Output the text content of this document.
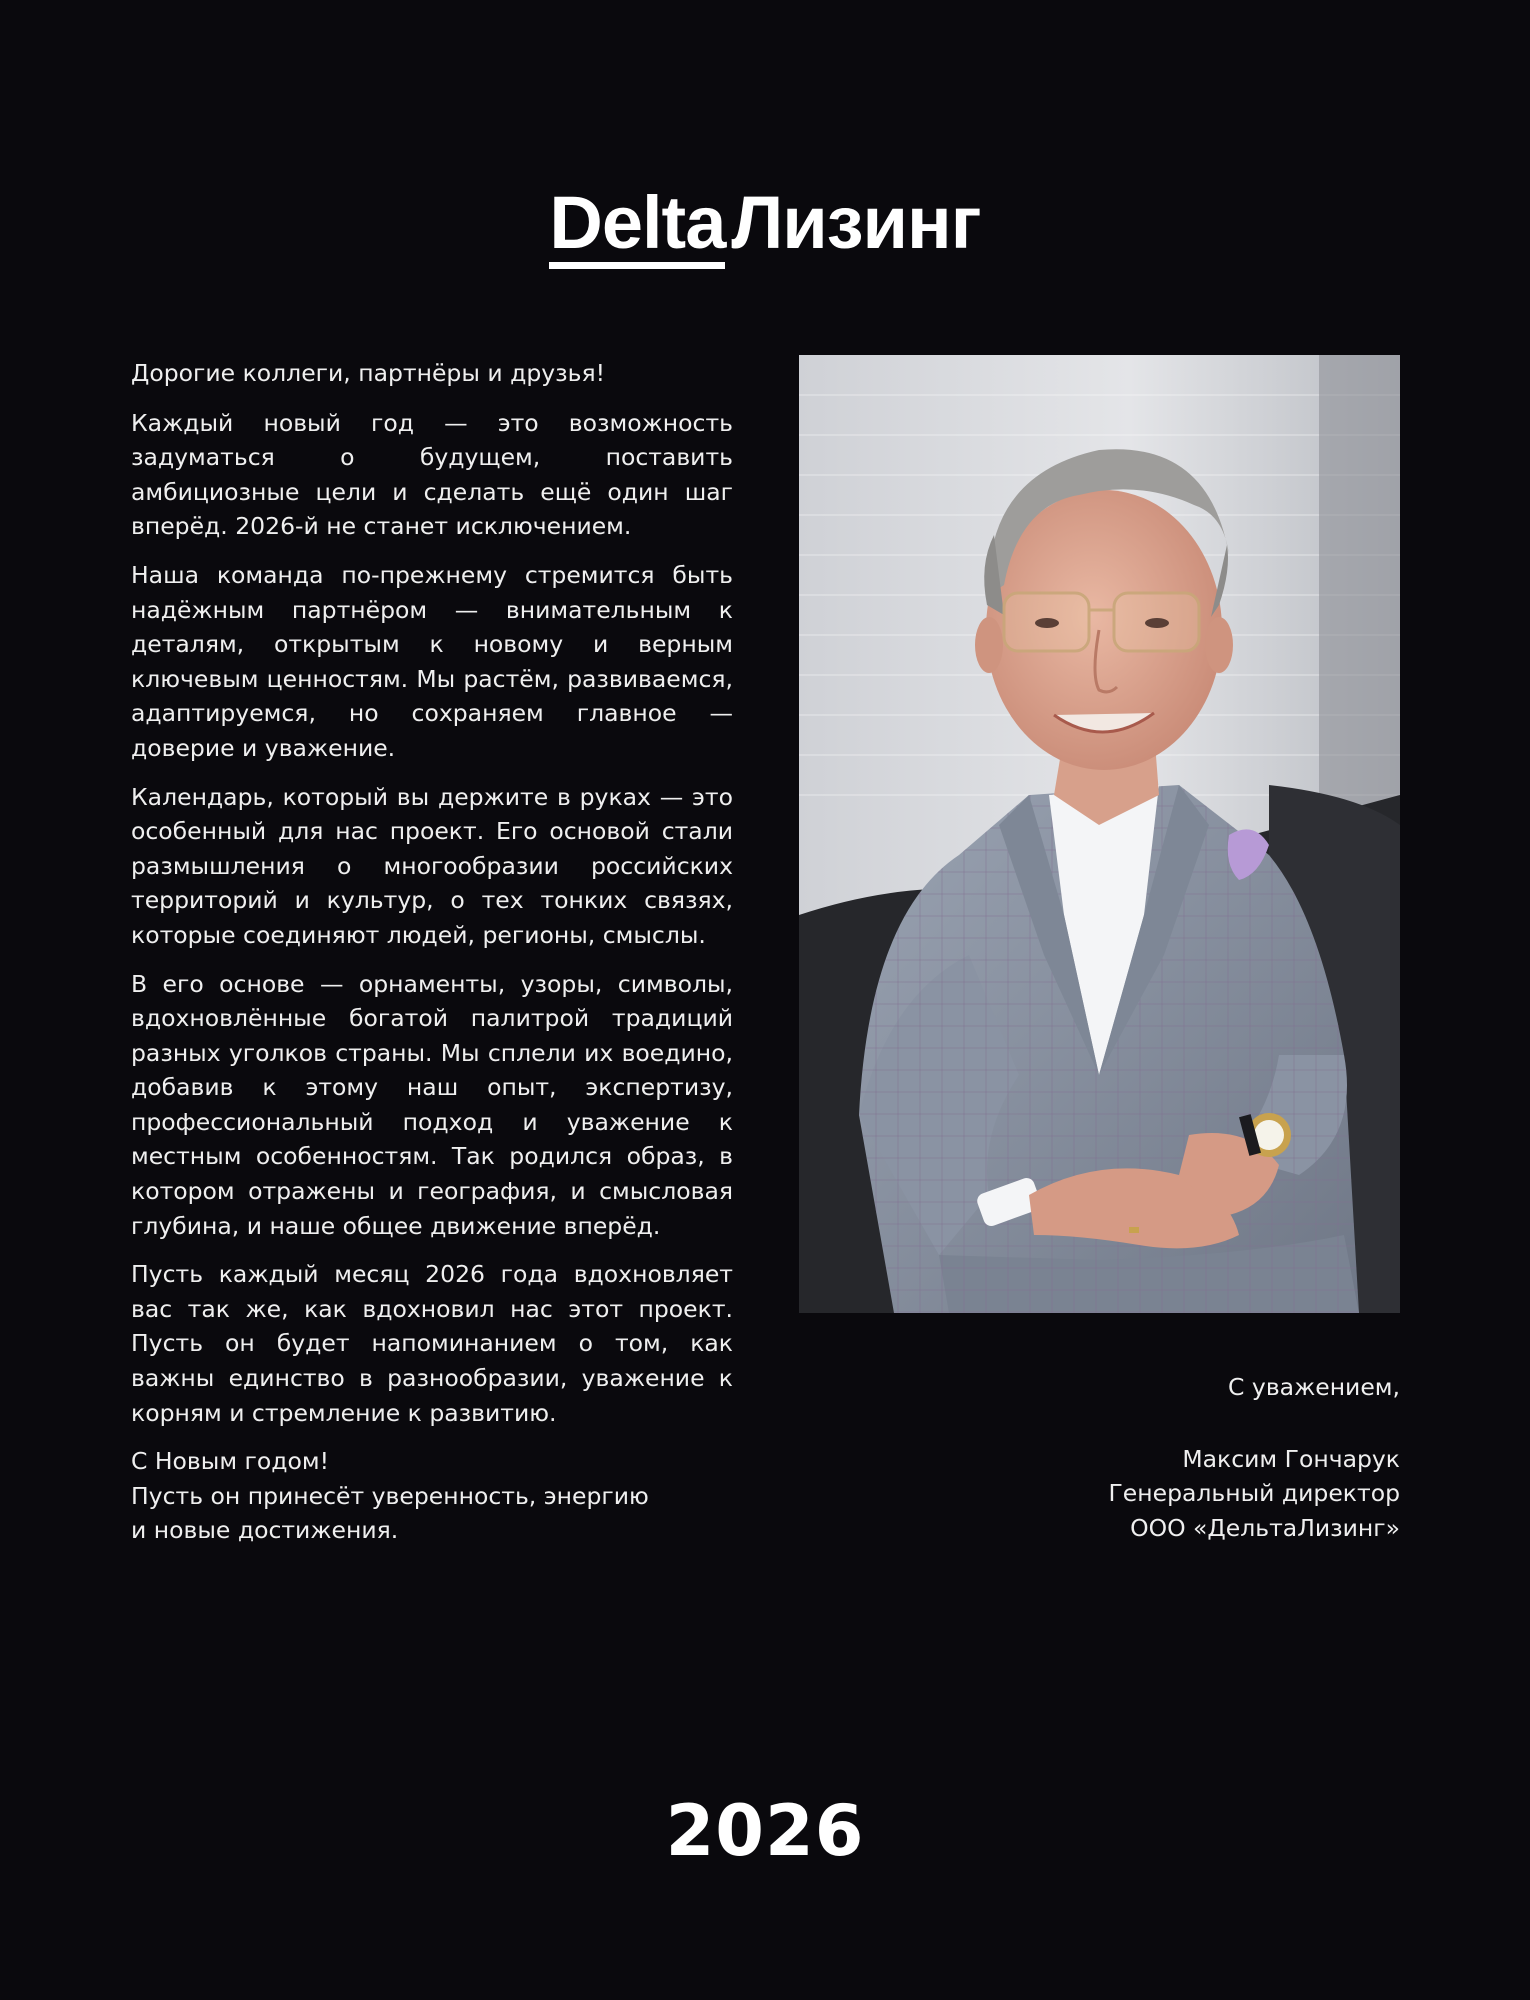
DeltaЛизинг

Дорогие коллеги, партнёры и друзья!

Каждый новый год — это возможность задуматься о будущем, поставить амбициозные цели и сделать ещё один шаг вперёд. 2026-й не станет исключением.

Наша команда по-прежнему стремится быть надёжным партнёром — внимательным к деталям, открытым к новому и верным ключевым ценностям. Мы растём, развиваемся, адаптируемся, но сохраняем главное — доверие и уважение.

Календарь, который вы держите в руках — это особенный для нас проект. Его основой стали размышления о многообразии российских территорий и культур, о тех тонких связях, которые соединяют людей, регионы, смыслы.

В его основе — орнаменты, узоры, символы, вдохновлённые богатой палитрой традиций разных уголков страны. Мы сплели их воедино, добавив к этому наш опыт, экспертизу, профессиональный подход и уважение к местным особенностям. Так родился образ, в котором отражены и география, и смысловая глубина, и наше общее движение вперёд.

Пусть каждый месяц 2026 года вдохновляет вас так же, как вдохновил нас этот проект. Пусть он будет напоминанием о том, как важны единство в разнообразии, уважение к корням и стремление к развитию.

С Новым годом!
Пусть он принесёт уверенность, энергию
и новые достижения.
С уважением,
Максим Гончарук
Генеральный директор
ООО «ДельтаЛизинг»
2026
